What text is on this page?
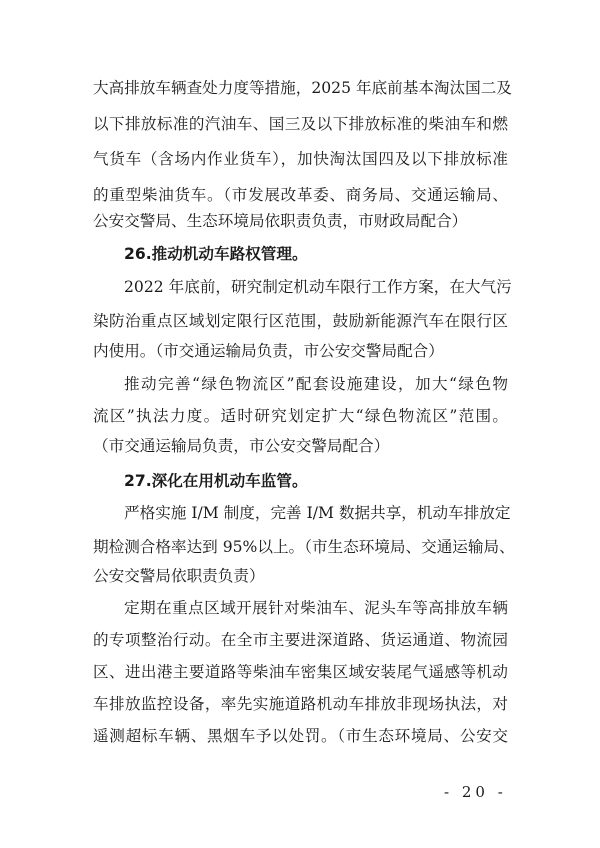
大高排放车辆查处力度等措施，2025 年底前基本淘汰国二及
以下排放标准的汽油车、国三及以下排放标准的柴油车和燃
气货车（含场内作业货车），加快淘汰国四及以下排放标准
的重型柴油货车。（市发展改革委、商务局、交通运输局、
公安交警局、生态环境局依职责负责，市财政局配合）
26.推动机动车路权管理。
2022 年底前，研究制定机动车限行工作方案，在大气污
染防治重点区域划定限行区范围，鼓励新能源汽车在限行区
内使用。（市交通运输局负责，市公安交警局配合）
推动完善“绿色物流区”配套设施建设，加大“绿色物
流区”执法力度。适时研究划定扩大“绿色物流区”范围。
（市交通运输局负责，市公安交警局配合）
27.深化在用机动车监管。
严格实施 I/M 制度，完善 I/M 数据共享，机动车排放定
期检测合格率达到 95%以上。（市生态环境局、交通运输局、
公安交警局依职责负责）
定期在重点区域开展针对柴油车、泥头车等高排放车辆
的专项整治行动。在全市主要进深道路、货运通道、物流园
区、进出港主要道路等柴油车密集区域安装尾气遥感等机动
车排放监控设备，率先实施道路机动车排放非现场执法，对
遥测超标车辆、黑烟车予以处罚。（市生态环境局、公安交
- 20 -
